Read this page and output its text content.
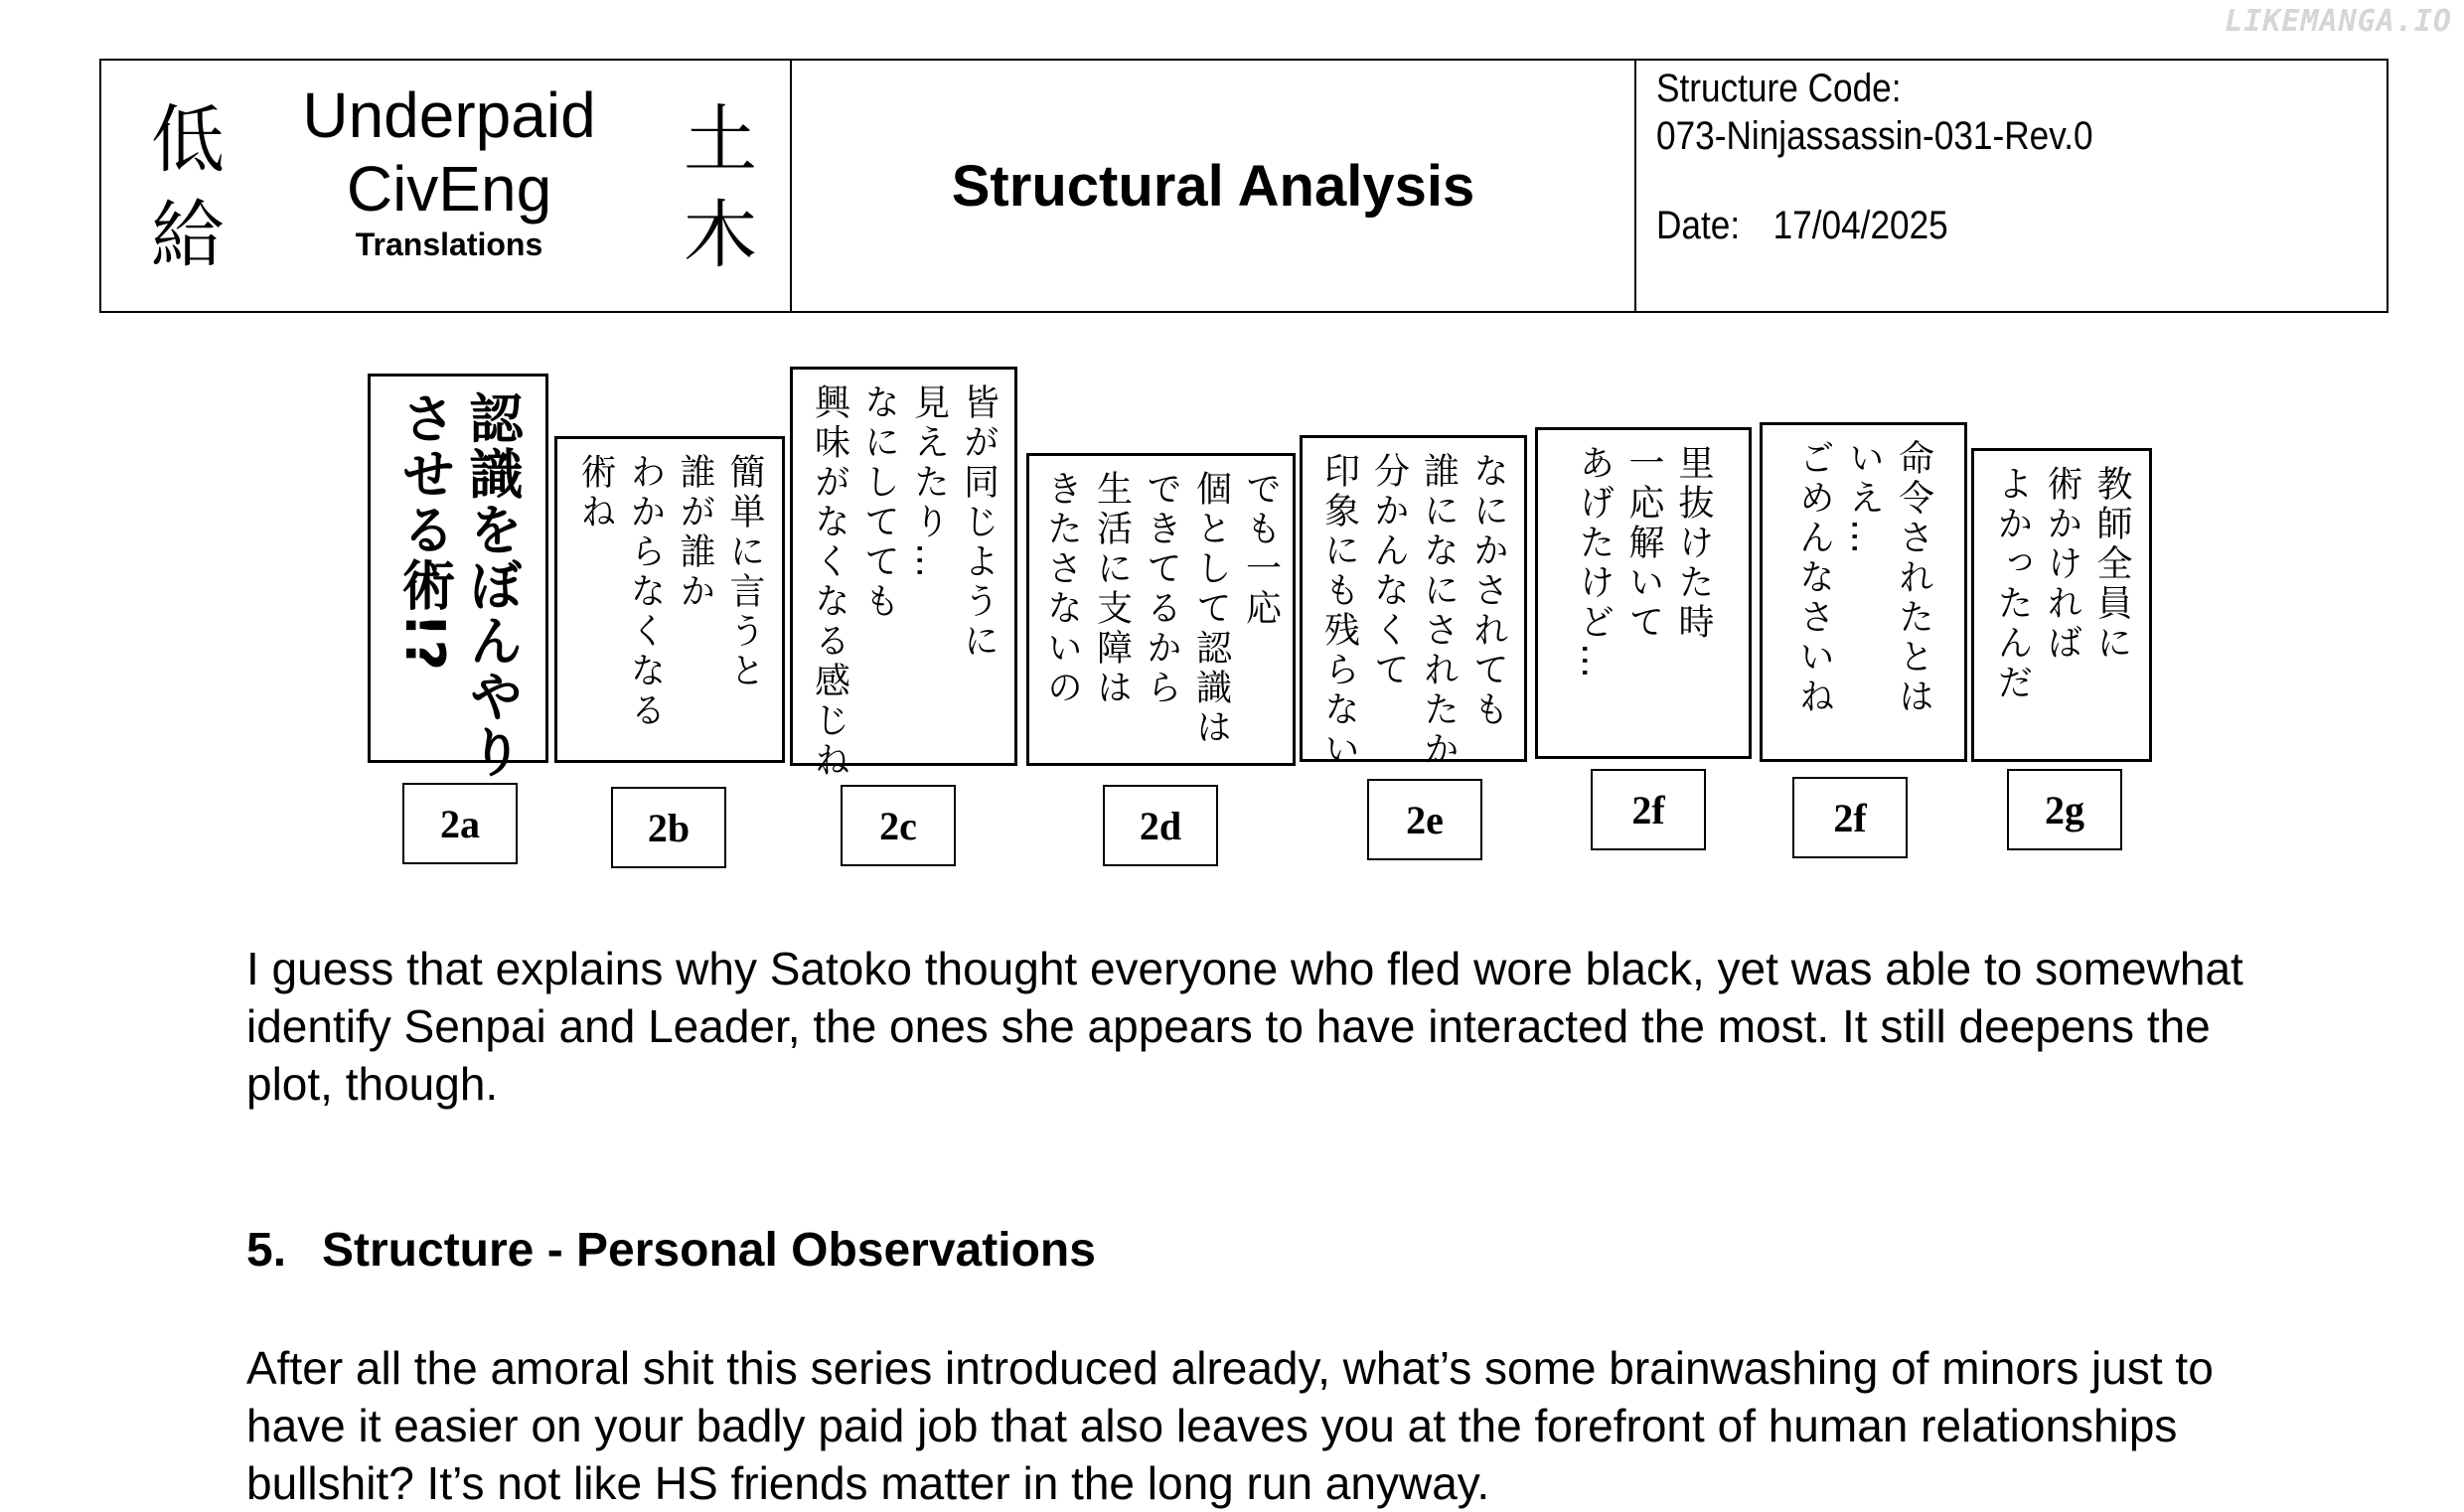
LIKEMANGA.IO
低
給
Underpaid
CivEng
Translations
土
木
Structural Analysis
Structure Code:
073-Ninjassassin-031-Rev.0
Date: 17/04/2025
認識をぼんやり
させる術!?
2a
簡単に言うと
誰が誰か
わからなくなる
術ね
2b
皆が同じように
見えたり…
なにしてても
興味がなくなる感じね
2c
でも一応
個として認識は
できてるから
生活に支障は
きたさないの
2d
なにかされても
誰になにされたか
分かんなくて
印象にも残らない
2e
里抜けた時
一応解いて
あげたけど…
2f
命令されたとは
いえ…
ごめんなさいね
2f
教師全員に
術かければ
よかったんだ
2g

I guess that explains why Satoko thought everyone who fled wore black, yet was able to somewhat identify Senpai and Leader, the ones she appears to have interacted the most. It still deepens the plot, though.

5. Structure - Personal Observations

After all the amoral shit this series introduced already, what’s some brainwashing of minors just to have it easier on your badly paid job that also leaves you at the forefront of human relationships bullshit? It’s not like HS friends matter in the long run anyway.
